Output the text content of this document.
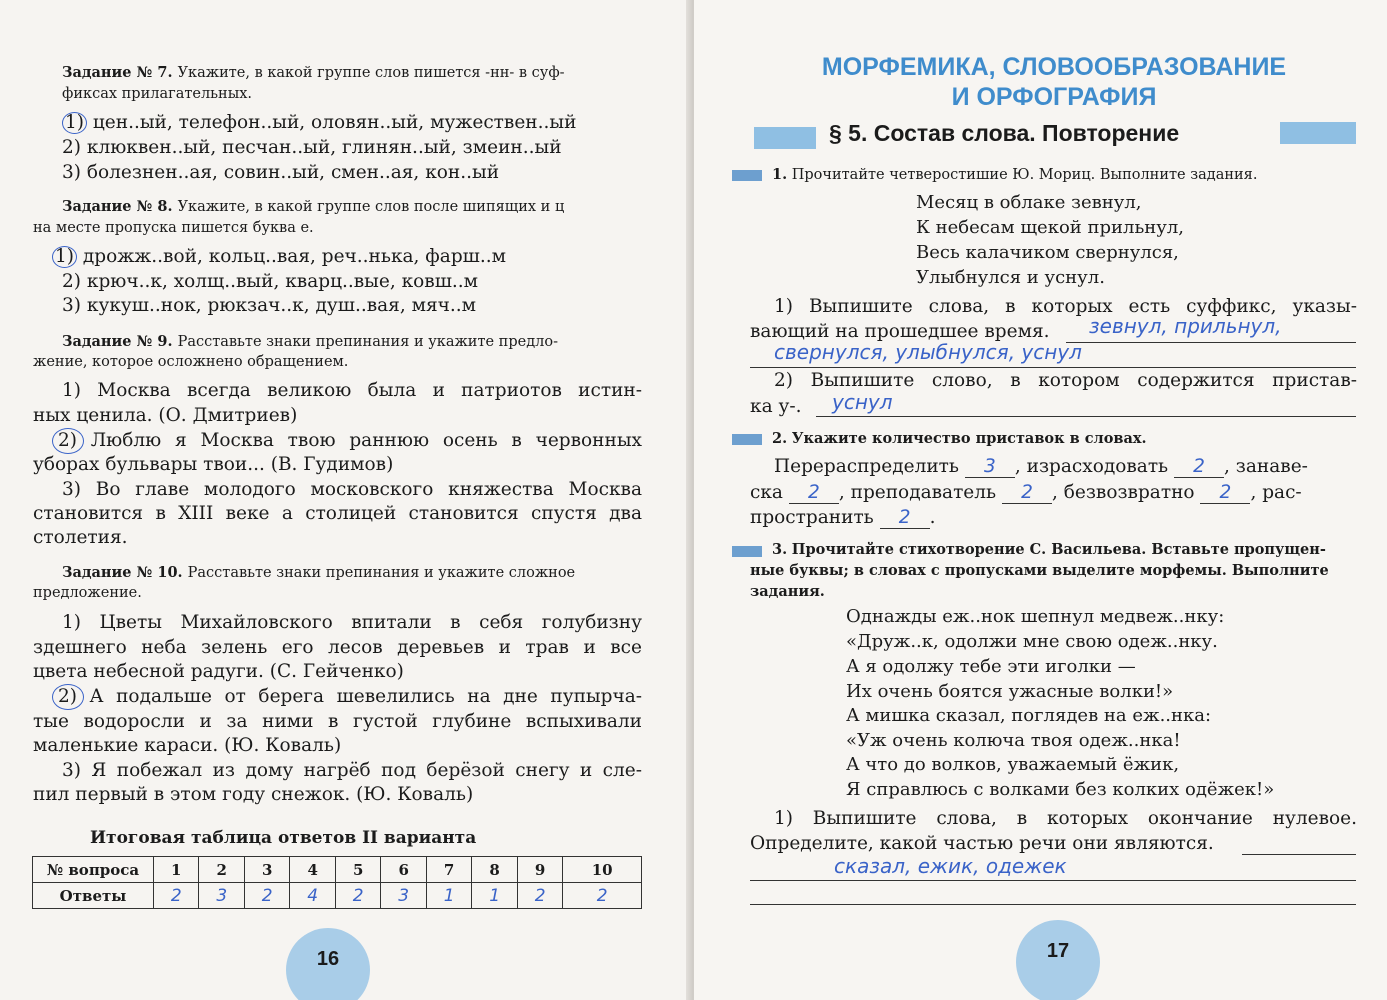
Задание № 7. Укажите, в какой группе слов пишется -нн- в суф-
фиксах прилагательных.
1) цен..ый, телефон..ый, оловян..ый, мужествен..ый
2) клюквен..ый, песчан..ый, глинян..ый, змеин..ый
3) болезнен..ая, совин..ый, смен..ая, кон..ый
Задание № 8. Укажите, в какой группе слов после шипящих и ц
на месте пропуска пишется буква е.
1) дрожж..вой, кольц..вая, реч..нька, фарш..м
2) крюч..к, холщ..вый, кварц..вые, ковш..м
3) кукуш..нок, рюкзач..к, душ..вая, мяч..м
Задание № 9. Расставьте знаки препинания и укажите предло-
жение, которое осложнено обращением.
1) Москва всегда великою была и патриотов истин-
ных ценила. (О. Дмитриев)
2) Люблю я Москва твою раннюю осень в червонных
уборах бульвары твои... (В. Гудимов)
3) Во главе молодого московского княжества Москва
становится в XIII веке а столицей становится спустя два
столетия.
Задание № 10. Расставьте знаки препинания и укажите сложное
предложение.
1) Цветы Михайловского впитали в себя голубизну
здешнего неба зелень его лесов деревьев и трав и все
цвета небесной радуги. (С. Гейченко)
2) А подальше от берега шевелились на дне пупырча-
тые водоросли и за ними в густой глубине вспыхивали
маленькие караси. (Ю. Коваль)
3) Я побежал из дому нагрёб под берёзой снегу и сле-
пил первый в этом году снежок. (Ю. Коваль)
Итоговая таблица ответов II варианта
№ вопроса	1	2	3	4	5	6	7	8	9	10
Ответы	2	3	2	4	2	3	1	1	2	2
16
МОРФЕМИКА, СЛОВООБРАЗОВАНИЕ
И ОРФОГРАФИЯ
§ 5. Состав слова. Повторение
1. Прочитайте четверостишие Ю. Мориц. Выполните задания.
Месяц в облаке зевнул,
К небесам щекой прильнул,
Весь калачиком свернулся,
Улыбнулся и уснул.
1) Выпишите слова, в которых есть суффикс, указы-
вающий на прошедшее время. зевнул, прильнул,
свернулся, улыбнулся, уснул
2) Выпишите слово, в котором содержится пристав-
ка у-. уснул
2. Укажите количество приставок в словах.
Перераспределить 3 , израсходовать 2 , занаве-
ска 2 , преподаватель 2 , безвозвратно 2 , рас-
пространить 2 .
3. Прочитайте стихотворение С. Васильева. Вставьте пропущен-
ные буквы; в словах с пропусками выделите морфемы. Выполните
задания.
Однажды еж..нок шепнул медвеж..нку:
«Друж..к, одолжи мне свою одеж..нку.
А я одолжу тебе эти иголки —
Их очень боятся ужасные волки!»
А мишка сказал, поглядев на еж..нка:
«Уж очень колюча твоя одеж..нка!
А что до волков, уважаемый ёжик,
Я справлюсь с волками без колких одёжек!»
1) Выпишите слова, в которых окончание нулевое.
Определите, какой частью речи они являются.
сказал, ежик, одежек
17
